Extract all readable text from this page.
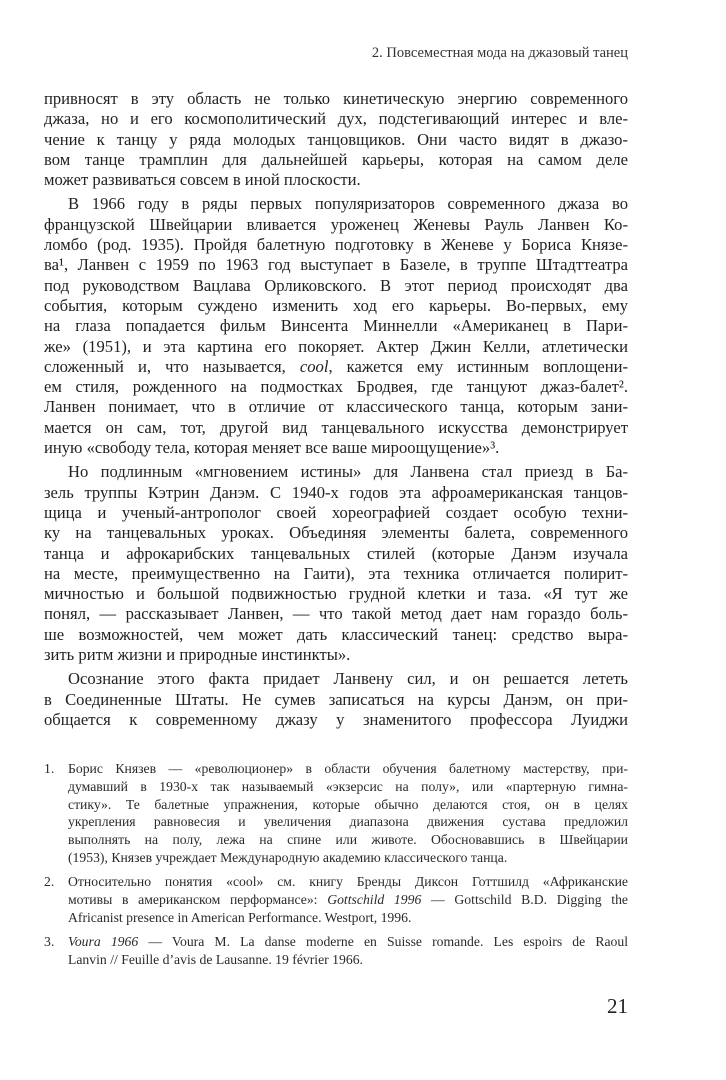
2. Повсеместная мода на джазовый танец
привносят в эту область не только кинетическую энергию современного
джаза, но и его космополитический дух, подстегивающий интерес и вле-
чение к танцу у ряда молодых танцовщиков. Они часто видят в джазо-
вом танце трамплин для дальнейшей карьеры, которая на самом деле
может развиваться совсем в иной плоскости.
В 1966 году в ряды первых популяризаторов современного джаза во
французской Швейцарии вливается уроженец Женевы Рауль Ланвен Ко-
ломбо (род. 1935). Пройдя балетную подготовку в Женеве у Бориса Князе-
ва¹, Ланвен с 1959 по 1963 год выступает в Базеле, в труппе Штадттеатра
под руководством Вацлава Орликовского. В этот период происходят два
события, которым суждено изменить ход его карьеры. Во-первых, ему
на глаза попадается фильм Винсента Миннелли «Американец в Пари-
же» (1951), и эта картина его покоряет. Актер Джин Келли, атлетически
сложенный и, что называется, cool, кажется ему истинным воплощени-
ем стиля, рожденного на подмостках Бродвея, где танцуют джаз-балет².
Ланвен понимает, что в отличие от классического танца, которым зани-
мается он сам, тот, другой вид танцевального искусства демонстрирует
иную «свободу тела, которая меняет все ваше мироощущение»³.
Но подлинным «мгновением истины» для Ланвена стал приезд в Ба-
зель труппы Кэтрин Данэм. С 1940-х годов эта афроамериканская танцов-
щица и ученый-антрополог своей хореографией создает особую техни-
ку на танцевальных уроках. Объединяя элементы балета, современного
танца и афрокарибских танцевальных стилей (которые Данэм изучала
на месте, преимущественно на Гаити), эта техника отличается полирит-
мичностью и большой подвижностью грудной клетки и таза. «Я тут же
понял, — рассказывает Ланвен, — что такой метод дает нам гораздо боль-
ше возможностей, чем может дать классический танец: средство выра-
зить ритм жизни и природные инстинкты».
Осознание этого факта придает Ланвену сил, и он решается лететь
в Соединенные Штаты. Не сумев записаться на курсы Данэм, он при-
общается к современному джазу у знаменитого профессора Луиджи
1. Борис Князев — «революционер» в области обучения балетному мастерству, при-
думавший в 1930-х так называемый «экзерсис на полу», или «партерную гимна-
стику». Те балетные упражнения, которые обычно делаются стоя, он в целях
укрепления равновесия и увеличения диапазона движения сустава предложил
выполнять на полу, лежа на спине или животе. Обосновавшись в Швейцарии
(1953), Князев учреждает Международную академию классического танца.
2. Относительно понятия «cool» см. книгу Бренды Диксон Готтшилд «Африканские
мотивы в американском перформансе»: Gottschild 1996 — Gottschild B.D. Digging the
Africanist presence in American Performance. Westport, 1996.
3. Voura 1966 — Voura M. La danse moderne en Suisse romande. Les espoirs de Raoul
Lanvin // Feuille d’avis de Lausanne. 19 février 1966.
21
